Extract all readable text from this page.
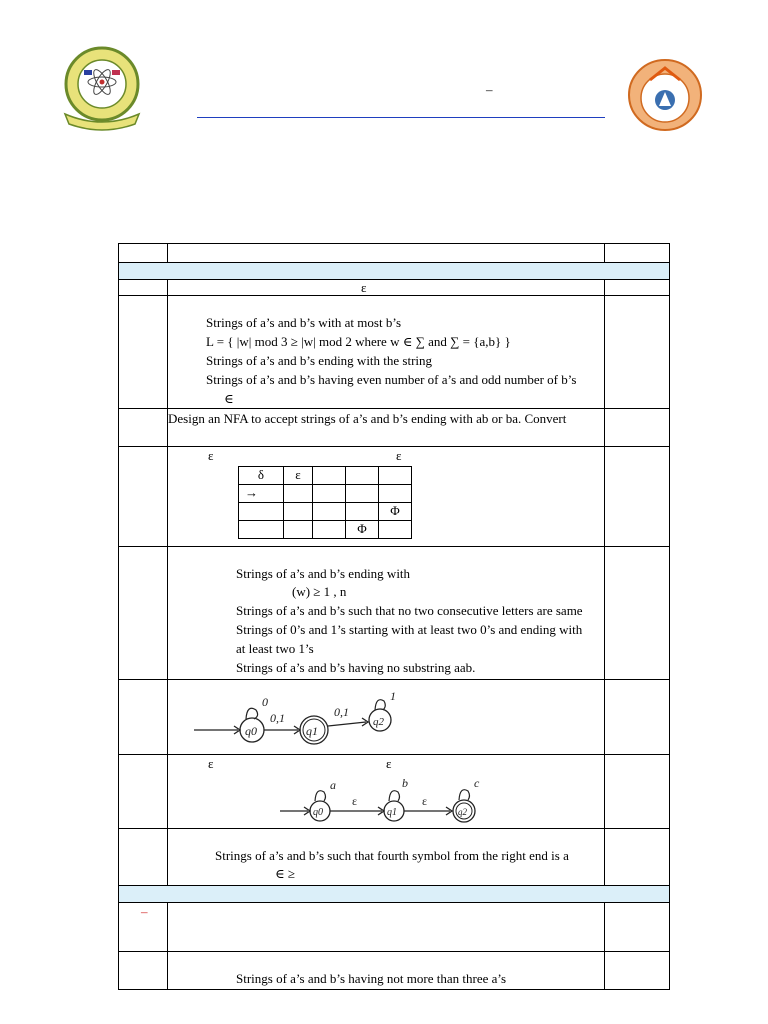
–

ε

Strings of a’s and b’s with at most b’s
L = { |w| mod 3 ≥ |w| mod 2 where w ∈ ∑ and ∑ = {a,b} }
Strings of a’s and b’s ending with the string
Strings of a’s and b’s having even number of a’s and odd number of b’s
∈

Design an NFA to accept strings of a’s and b’s ending with ab or ba. Convert

ε	ε
δ	ε			
→				
				Φ
			Φ	

Strings of a’s and b’s ending with
(w) ≥ 1 , n
Strings of a’s and b’s such that no two consecutive letters are same
Strings of 0’s and 1’s starting with at least two 0’s and ending with
at least two 1’s
Strings of a’s and b’s having no substring aab.

q0
0
0,1
q1
0,1
q2
1

ε	ε
q0
a
ε
q1
b
ε
q2
c

Strings of a’s and b’s such that fourth symbol from the right end is a
∈ ≥

–

Strings of a’s and b’s having not more than three a’s
